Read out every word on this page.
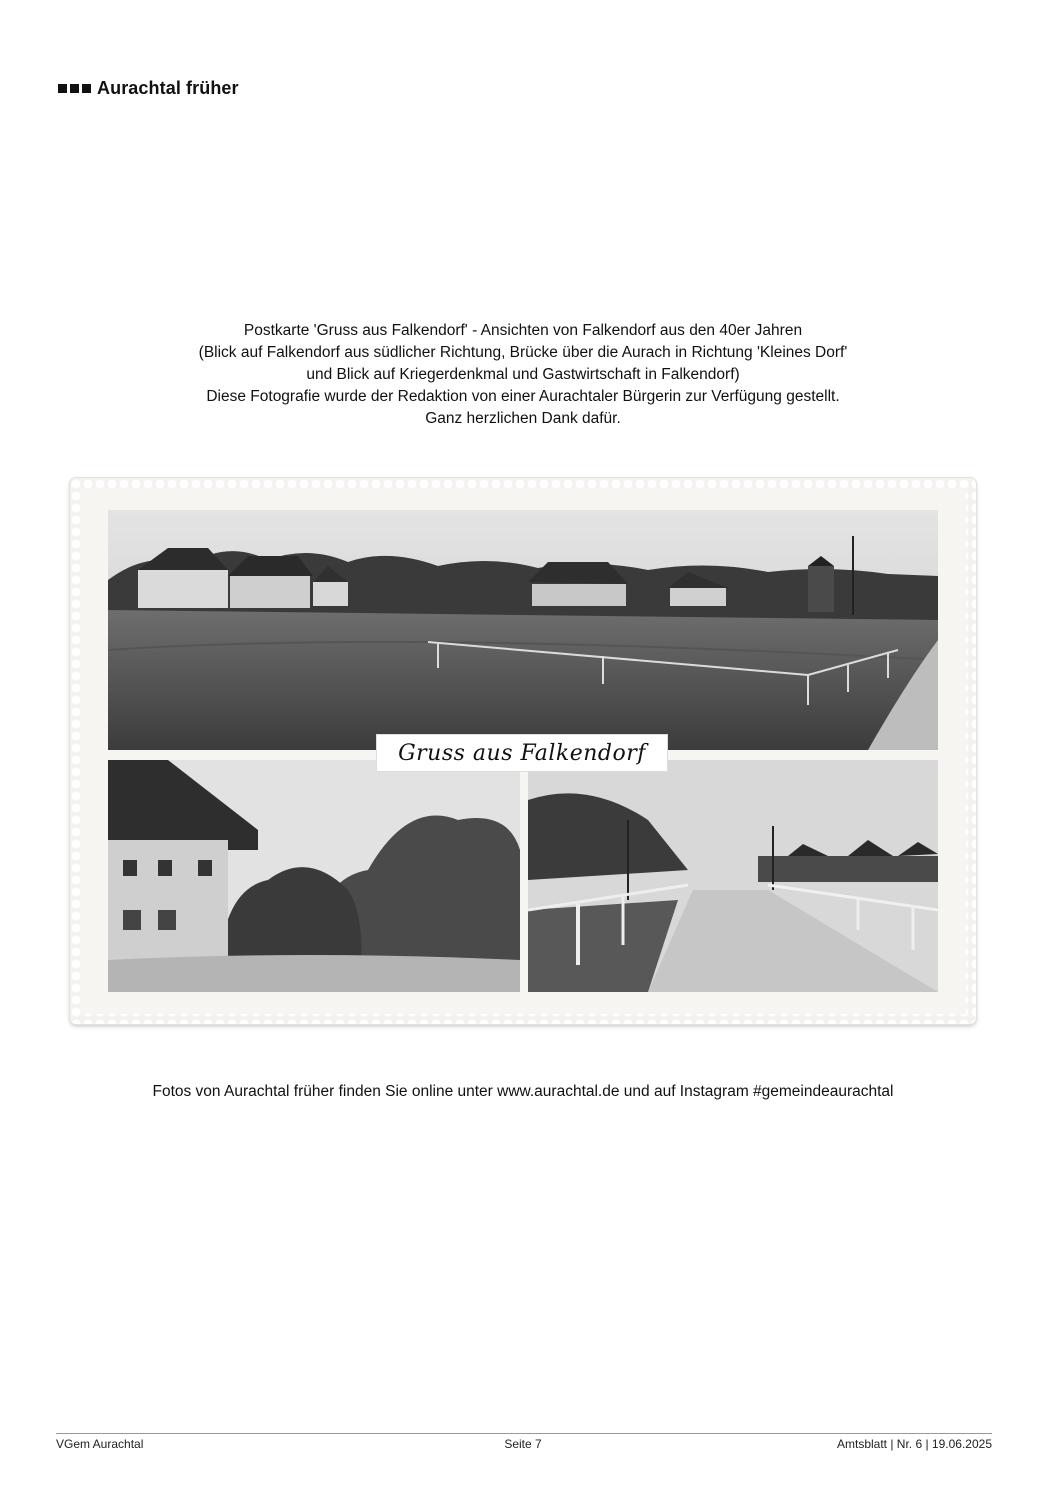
Aurachtal früher
Postkarte 'Gruss aus Falkendorf' - Ansichten von Falkendorf aus den 40er Jahren
(Blick auf Falkendorf aus südlicher Richtung, Brücke über die Aurach in Richtung 'Kleines Dorf'
und Blick auf Kriegerdenkmal und Gastwirtschaft in Falkendorf)
Diese Fotografie wurde der Redaktion von einer Aurachtaler Bürgerin zur Verfügung gestellt.
Ganz herzlichen Dank dafür.
Gruss aus Falkendorf
Fotos von Aurachtal früher finden Sie online unter www.aurachtal.de und auf Instagram #gemeindeaurachtal
VGem Aurachtal	Seite 7	Amtsblatt | Nr. 6 | 19.06.2025
